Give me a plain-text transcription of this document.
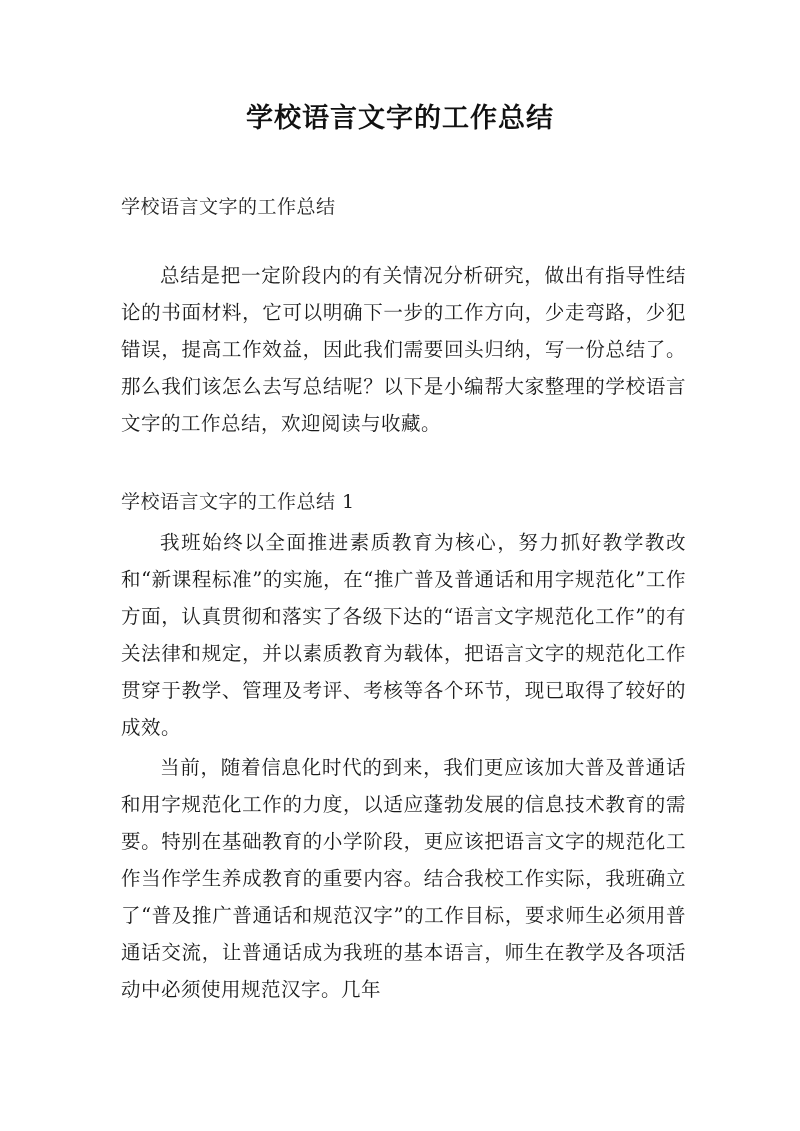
学校语言文字的工作总结
学校语言文字的工作总结
总结是把一定阶段内的有关情况分析研究，做出有指导性结论的书面材料，它可以明确下一步的工作方向，少走弯路，少犯错误，提高工作效益，因此我们需要回头归纳，写一份总结了。那么我们该怎么去写总结呢？以下是小编帮大家整理的学校语言文字的工作总结，欢迎阅读与收藏。
学校语言文字的工作总结 1
我班始终以全面推进素质教育为核心，努力抓好教学教改和“新课程标准”的实施，在“推广普及普通话和用字规范化”工作方面，认真贯彻和落实了各级下达的“语言文字规范化工作”的有关法律和规定，并以素质教育为载体，把语言文字的规范化工作贯穿于教学、管理及考评、考核等各个环节，现已取得了较好的成效。
当前，随着信息化时代的到来，我们更应该加大普及普通话和用字规范化工作的力度，以适应蓬勃发展的信息技术教育的需要。特别在基础教育的小学阶段，更应该把语言文字的规范化工作当作学生养成教育的重要内容。结合我校工作实际，我班确立了“普及推广普通话和规范汉字”的工作目标，要求师生必须用普通话交流，让普通话成为我班的基本语言，师生在教学及各项活动中必须使用规范汉字。几年
